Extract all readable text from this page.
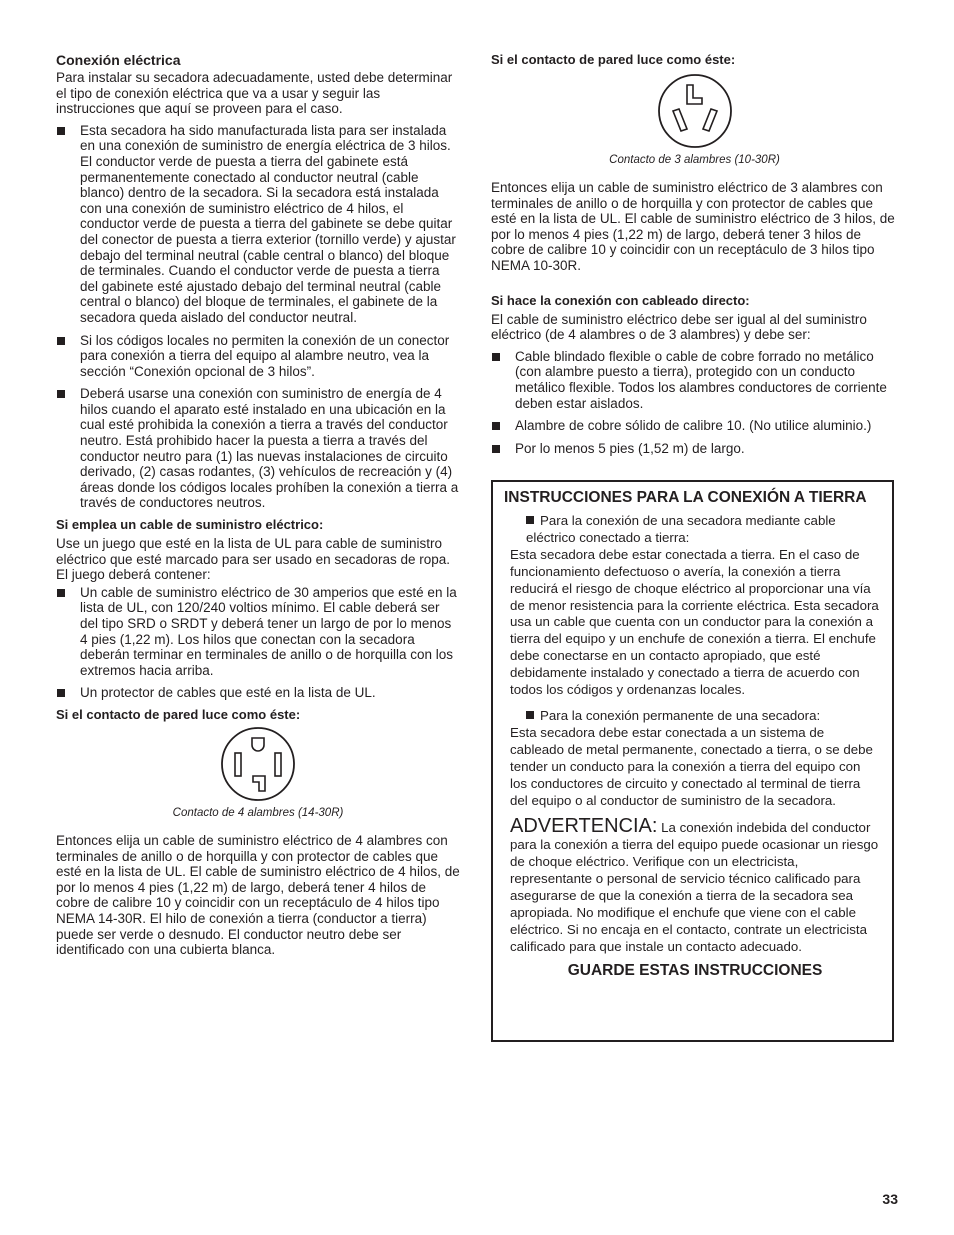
Conexión eléctrica

Para instalar su secadora adecuadamente, usted debe determinar el tipo de conexión eléctrica que va a usar y seguir las instrucciones que aquí se proveen para el caso.

Esta secadora ha sido manufacturada lista para ser instalada en una conexión de suministro de energía eléctrica de 3 hilos. El conductor verde de puesta a tierra del gabinete está permanentemente conectado al conductor neutral (cable blanco) dentro de la secadora. Si la secadora está instalada con una conexión de suministro eléctrico de 4 hilos, el conductor verde de puesta a tierra del gabinete se debe quitar del conector de puesta a tierra exterior (tornillo verde) y ajustar debajo del terminal neutral (cable central o blanco) del bloque de terminales. Cuando el conductor verde de puesta a tierra del gabinete esté ajustado debajo del terminal neutral (cable central o blanco) del bloque de terminales, el gabinete de la secadora queda aislado del conductor neutral.
Si los códigos locales no permiten la conexión de un conector para conexión a tierra del equipo al alambre neutro, vea la sección “Conexión opcional de 3 hilos”.
Deberá usarse una conexión con suministro de energía de 4 hilos cuando el aparato esté instalado en una ubicación en la cual esté prohibida la conexión a tierra a través del conductor neutro. Está prohibido hacer la puesta a tierra a través del conductor neutro para (1) las nuevas instalaciones de circuito derivado, (2) casas rodantes, (3) vehículos de recreación y (4) áreas donde los códigos locales prohíben la conexión a tierra a través de conductores neutros.
Si emplea un cable de suministro eléctrico:

Use un juego que esté en la lista de UL para cable de suministro eléctrico que esté marcado para ser usado en secadoras de ropa. El juego deberá contener:

Un cable de suministro eléctrico de 30 amperios que esté en la lista de UL, con 120/240 voltios mínimo. El cable deberá ser del tipo SRD o SRDT y deberá tener un largo de por lo menos 4 pies (1,22 m). Los hilos que conectan con la secadora deberán terminar en terminales de anillo o de horquilla con los extremos hacia arriba.
Un protector de cables que esté en la lista de UL.
Si el contacto de pared luce como éste:
Contacto de 4 alambres (14-30R)

Entonces elija un cable de suministro eléctrico de 4 alambres con terminales de anillo o de horquilla y con protector de cables que esté en la lista de UL. El cable de suministro eléctrico de 4 hilos, de por lo menos 4 pies (1,22 m) de largo, deberá tener 4 hilos de cobre de calibre 10 y coincidir con un receptáculo de 4 hilos tipo NEMA 14-30R. El hilo de conexión a tierra (conductor a tierra) puede ser verde o desnudo. El conductor neutro debe ser identificado con una cubierta blanca.

Si el contacto de pared luce como éste:
Contacto de 3 alambres (10-30R)

Entonces elija un cable de suministro eléctrico de 3 alambres con terminales de anillo o de horquilla y con protector de cables que esté en la lista de UL. El cable de suministro eléctrico de 3 hilos, de por lo menos 4 pies (1,22 m) de largo, deberá tener 3 hilos de cobre de calibre 10 y coincidir con un receptáculo de 3 hilos tipo NEMA 10-30R.

Si hace la conexión con cableado directo:

El cable de suministro eléctrico debe ser igual al del suministro eléctrico (de 4 alambres o de 3 alambres) y debe ser:

Cable blindado flexible o cable de cobre forrado no metálico (con alambre puesto a tierra), protegido con un conducto metálico flexible. Todos los alambres conductores de corriente deben estar aislados.
Alambre de cobre sólido de calibre 10. (No utilice aluminio.)
Por lo menos 5 pies (1,52 m) de largo.
INSTRUCCIONES PARA LA CONEXIÓN A TIERRA
Para la conexión de una secadora mediante cable eléctrico conectado a tierra:

Esta secadora debe estar conectada a tierra. En el caso de funcionamiento defectuoso o avería, la conexión a tierra reducirá el riesgo de choque eléctrico al proporcionar una vía de menor resistencia para la corriente eléctrica. Esta secadora usa un cable que cuenta con un conductor para la conexión a tierra del equipo y un enchufe de conexión a tierra. El enchufe debe conectarse en un contacto apropiado, que esté debidamente instalado y conectado a tierra de acuerdo con todos los códigos y ordenanzas locales.

Para la conexión permanente de una secadora:

Esta secadora debe estar conectada a un sistema de cableado de metal permanente, conectado a tierra, o se debe tender un conducto para la conexión a tierra del equipo con los conductores de circuito y conectado al terminal de tierra del equipo o al conductor de suministro de la secadora.

ADVERTENCIA: La conexión indebida del conductor para la conexión a tierra del equipo puede ocasionar un riesgo de choque eléctrico. Verifique con un electricista, representante o personal de servicio técnico calificado para asegurarse de que la conexión a tierra de la secadora sea apropiada. No modifique el enchufe que viene con el cable eléctrico. Si no encaja en el contacto, contrate un electricista calificado para que instale un contacto adecuado.

GUARDE ESTAS INSTRUCCIONES
33
